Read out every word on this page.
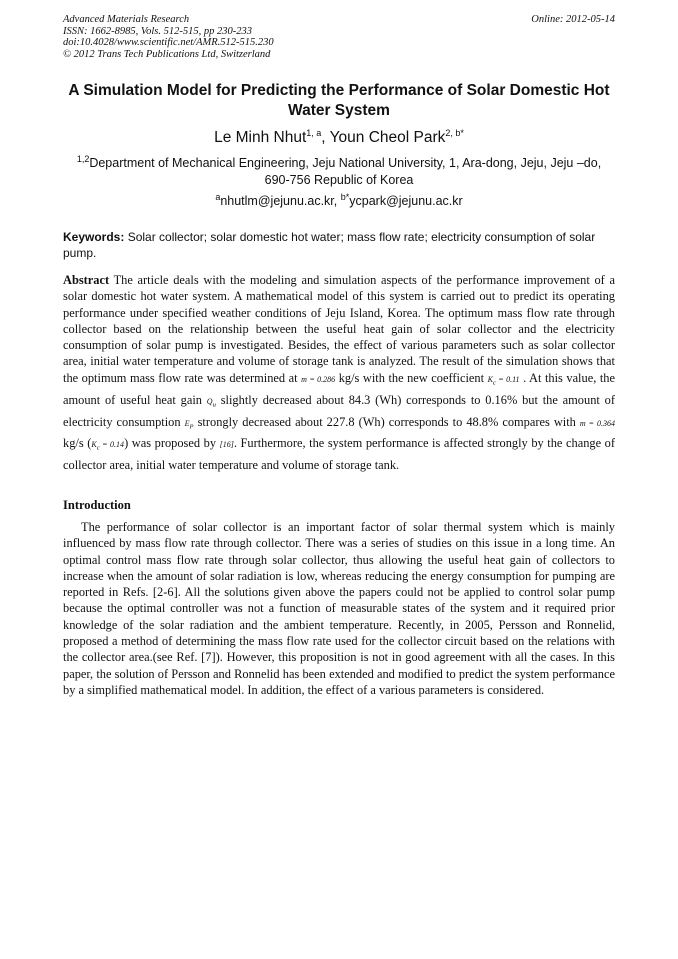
Advanced Materials Research
ISSN: 1662-8985, Vols. 512-515, pp 230-233
doi:10.4028/www.scientific.net/AMR.512-515.230
© 2012 Trans Tech Publications Ltd, Switzerland
Online: 2012-05-14
A Simulation Model for Predicting the Performance of Solar Domestic Hot Water System
Le Minh Nhut$^{1, a}$, Youn Cheol Park$^{2, b*}$
$^{1,2}$Department of Mechanical Engineering, Jeju National University, 1, Ara-dong, Jeju, Jeju –do, 690-756 Republic of Korea
$^a$nhutlm@jejunu.ac.kr, $^{b*}$ycpark@jejunu.ac.kr
Keywords: Solar collector; solar domestic hot water; mass flow rate; electricity consumption of solar pump.
Abstract The article deals with the modeling and simulation aspects of the performance improvement of a solar domestic hot water system. A mathematical model of this system is carried out to predict its operating performance under specified weather conditions of Jeju Island, Korea. The optimum mass flow rate through collector based on the relationship between the useful heat gain of solar collector and the electricity consumption of solar pump is investigated. Besides, the effect of various parameters such as solar collector area, initial water temperature and volume of storage tank is analyzed. The result of the simulation shows that the optimum mass flow rate was determined at m = 0.286 kg/s with the new coefficient $K_c = 0.11$ . At this value, the amount of useful heat gain $Q_u$ slightly decreased about 84.3 (Wh) corresponds to 0.16% but the amount of electricity consumption $E_P$ strongly decreased about 227.8 (Wh) corresponds to 48.8% compares with m = 0.364 kg/s $(K_c = 0.14)$ was proposed by [16]. Furthermore, the system performance is affected strongly by the change of collector area, initial water temperature and volume of storage tank.
Introduction
The performance of solar collector is an important factor of solar thermal system which is mainly influenced by mass flow rate through collector. There was a series of studies on this issue in a long time. An optimal control mass flow rate through solar collector, thus allowing the useful heat gain of collectors to increase when the amount of solar radiation is low, whereas reducing the energy consumption for pumping are reported in Refs. [2-6]. All the solutions given above the papers could not be applied to control solar pump because the optimal controller was not a function of measurable states of the system and it required prior knowledge of the solar radiation and the ambient temperature. Recently, in 2005, Persson and Ronnelid, proposed a method of determining the mass flow rate used for the collector circuit based on the relations with the collector area.(see Ref. [7]). However, this proposition is not in good agreement with all the cases. In this paper, the solution of Persson and Ronnelid has been extended and modified to predict the system performance by a simplified mathematical model. In addition, the effect of a various parameters is considered.
